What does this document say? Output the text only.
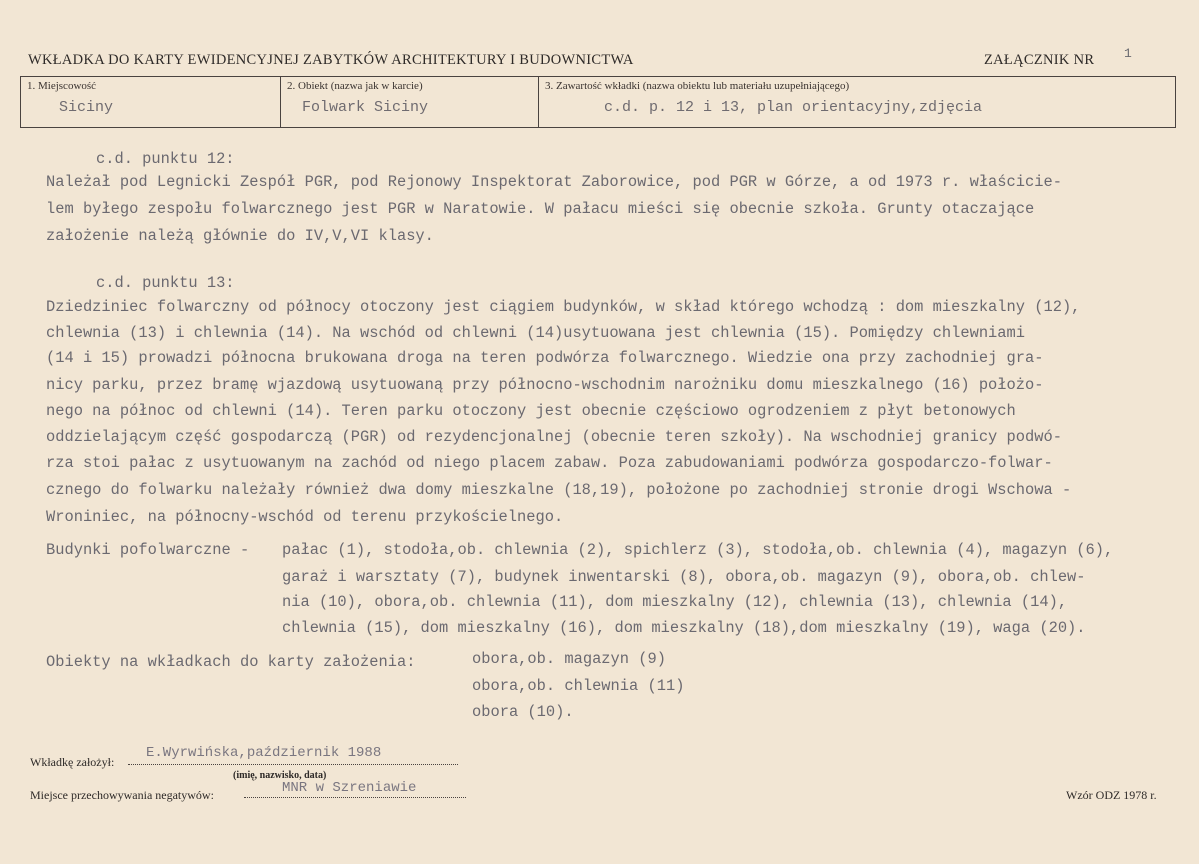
WKŁADKA DO KARTY EWIDENCYJNEJ ZABYTKÓW ARCHITEKTURY I BUDOWNICTWA	ZAŁĄCZNIK NR 1
1. Miejscowość
Siciny
2. Obiekt (nazwa jak w karcie)
Folwark Siciny
3. Zawartość wkładki (nazwa obiektu lub materiału uzupełniającego)
c.d. p. 12 i 13, plan orientacyjny,zdjęcia
c.d. punktu 12:
Należał pod Legnicki Zespół PGR, pod Rejonowy Inspektorat Zaborowice, pod PGR w Górze, a od 1973 r. właściciе-
lem byłego zespołu folwarcznego jest PGR w Naratowie. W pałacu mieści się obecnie szkoła. Grunty otaczające
założenie należą głównie do IV,V,VI klasy.
c.d. punktu 13:
Dziedziniec folwarczny od północy otoczony jest ciągiem budynków, w skład którego wchodzą : dom mieszkalny (12),
chlewnia (13) i chlewnia (14). Na wschód od chlewni (14)usytuowana jest chlewnia (15). Pomiędzy chlewniami
(14 i 15) prowadzi północna brukowana droga na teren podwórza folwarcznego. Wiedzie ona przy zachodniej gra-
nicy parku, przez bramę wjazdową usytuowaną przy północno-wschodnim narożniku domu mieszkalnego (16) położo-
nego na północ od chlewni (14). Teren parku otoczony jest obecnie częściowo ogrodzeniem z płyt betonowych
oddzielającym część gospodarczą (PGR) od rezydencjonalnej (obecnie teren szkoły). Na wschodniej granicy podwó-
rza stoi pałac z usytuowanym na zachód od niego placem zabaw. Poza zabudowaniami podwórza gospodarczo-folwar-
cznego do folwarku należały również dwa domy mieszkalne (18,19), położone po zachodniej stronie drogi Wschowa -
Wroniniec, na północny-wschód od terenu przykościelnego.
Budynki pofolwarczne - pałac (1), stodoła,ob. chlewnia (2), spichlerz (3), stodoła,ob. chlewnia (4), magazyn (6),
garaż i warsztaty (7), budynek inwentarski (8), obora,ob. magazyn (9), obora,ob. chlew-
nia (10), obora,ob. chlewnia (11), dom mieszkalny (12), chlewnia (13), chlewnia (14),
chlewnia (15), dom mieszkalny (16), dom mieszkalny (18),dom mieszkalny (19), waga (20).
Obiekty na wkładkach do karty założenia:	obora,ob. magazyn (9)
obora,ob. chlewnia (11)
obora (10).
Wkładkę założył:
E.Wyrwińska,październik 1988
(imię, nazwisko, data)
Miejsce przechowywania negatywów:	MNR w Szreniawie	Wzór ODZ 1978 r.
